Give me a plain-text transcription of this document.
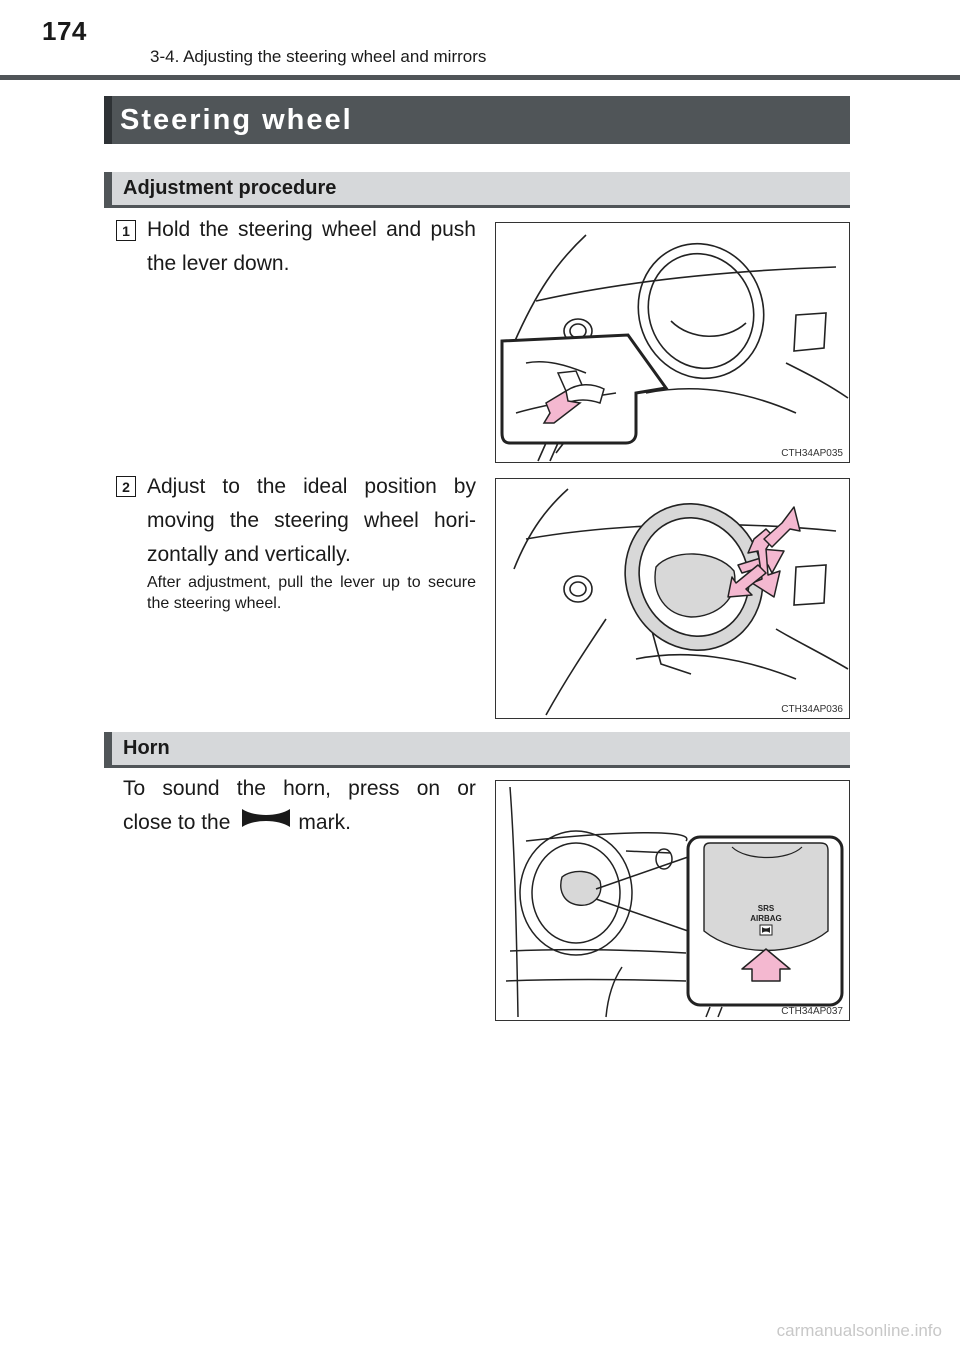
174
3-4. Adjusting the steering wheel and mirrors
Steering wheel
Adjustment procedure
1 Hold the steering wheel and push the lever down.
CTH34AP035
2 Adjust to the ideal position by moving the steering wheel hori-zontally and vertically.
After adjustment, pull the lever up to secure the steering wheel.
CTH34AP036
Horn
To sound the horn, press on or
close to the	mark.
SRS
AIRBAG
CTH34AP037
carmanualsonline.info
